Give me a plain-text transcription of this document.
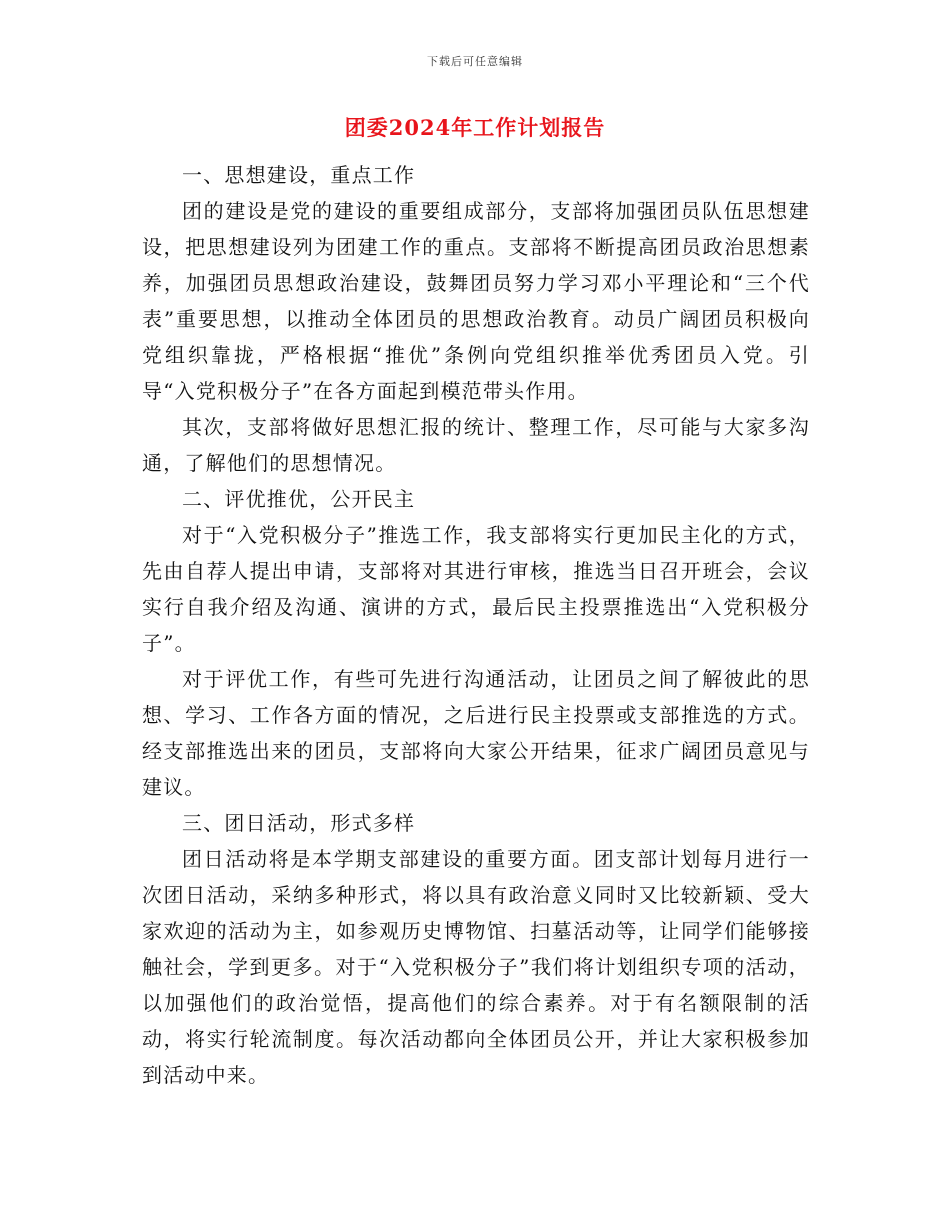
下载后可任意编辑
团委2024年工作计划报告

一、思想建设，重点工作

团的建设是党的建设的重要组成部分，支部将加强团员队伍思想建设，把思想建设列为团建工作的重点。支部将不断提高团员政治思想素养，加强团员思想政治建设，鼓舞团员努力学习邓小平理论和“三个代表”重要思想，以推动全体团员的思想政治教育。动员广阔团员积极向党组织靠拢，严格根据“推优”条例向党组织推举优秀团员入党。引导“入党积极分子”在各方面起到模范带头作用。

其次，支部将做好思想汇报的统计、整理工作，尽可能与大家多沟通，了解他们的思想情况。

二、评优推优，公开民主

对于“入党积极分子”推选工作，我支部将实行更加民主化的方式，先由自荐人提出申请，支部将对其进行审核，推选当日召开班会，会议实行自我介绍及沟通、演讲的方式，最后民主投票推选出“入党积极分子”。

对于评优工作，有些可先进行沟通活动，让团员之间了解彼此的思想、学习、工作各方面的情况，之后进行民主投票或支部推选的方式。经支部推选出来的团员，支部将向大家公开结果，征求广阔团员意见与建议。

三、团日活动，形式多样

团日活动将是本学期支部建设的重要方面。团支部计划每月进行一次团日活动，采纳多种形式，将以具有政治意义同时又比较新颖、受大家欢迎的活动为主，如参观历史博物馆、扫墓活动等，让同学们能够接触社会，学到更多。对于“入党积极分子”我们将计划组织专项的活动，以加强他们的政治觉悟，提高他们的综合素养。对于有名额限制的活动，将实行轮流制度。每次活动都向全体团员公开，并让大家积极参加到活动中来。
